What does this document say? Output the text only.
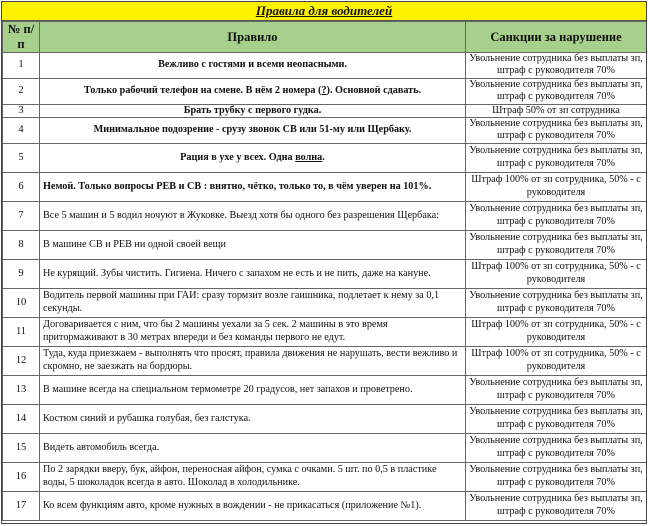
Правила для водителей
№ п/п	Правило	Санкции за нарушение
1	Вежливо с гостями и всеми неопасными.	Увольнение сотрудника без выплаты зп, штраф с руководителя 70%
2	Только рабочий телефон на смене. В нём 2 номера (?). Основной сдавать.	Увольнение сотрудника без выплаты зп, штраф с руководителя 70%
3	Брать трубку с первого гудка.	Штраф 50% от зп сотрудника
4	Минимальное подозрение - срузу звонок СВ или 51-му или Щербаку.	Увольнение сотрудника без выплаты зп, штраф с руководителя 70%
5	Рация в ухе у всех. Одна волна.	Увольнение сотрудника без выплаты зп, штраф с руководителя 70%
6	Немой. Только вопросы РЕВ и СВ : внятно, чётко, только то, в чём уверен на 101%.	Штраф 100% от зп сотрудника, 50% - с руководителя
7	Все 5 машин и 5 водил ночуют в Жуковке. Выезд хотя бы одного без разрешения Щербака:	Увольнение сотрудника без выплаты зп, штраф с руководителя 70%
8	В машине СВ и РЕВ ни одной своей вещи	Увольнение сотрудника без выплаты зп, штраф с руководителя 70%
9	Не курящий. Зубы чистить. Гигиена. Ничего с запахом не есть и не пить, даже на кануне.	Штраф 100% от зп сотрудника, 50% - с руководителя
10	Водитель первой машины при ГАИ: сразу тормзит возле гаишника, подлетает к нему за 0,1 секунды.	Увольнение сотрудника без выплаты зп, штраф с руководителя 70%
11	Договаривается с ним, что бы 2 машины уехали за 5 сек. 2 машины в это время притормаживают в 30 метрах впереди и без команды первого не едут.	Штраф 100% от зп сотрудника, 50% - с руководителя
12	Туда, куда приезжаем - выполнять что просят, правила движения не нарушать, вести вежливо и скромно, не заезжать на бордюры.	Штраф 100% от зп сотрудника, 50% - с руководителя
13	В машине всегда на специальном термометре 20 градусов, нет запахов и проветрено.	Увольнение сотрудника без выплаты зп, штраф с руководителя 70%
14	Костюм синий и рубашка голубая, без галстука.	Увольнение сотрудника без выплаты зп, штраф с руководителя 70%
15	Видеть автомобиль всегда.	Увольнение сотрудника без выплаты зп, штраф с руководителя 70%
16	По 2 зарядки вверу, бук, айфон, переносная айфон, сумка с очками. 5 шт. по 0,5 в пластике воды, 5 шоколадок всегда в авто. Шоколад в холодильнике.	Увольнение сотрудника без выплаты зп, штраф с руководителя 70%
17	Ко всем функциям авто, кроме нужных в вождении - не прикасаться (приложение №1).	Увольнение сотрудника без выплаты зп, штраф с руководителя 70%
